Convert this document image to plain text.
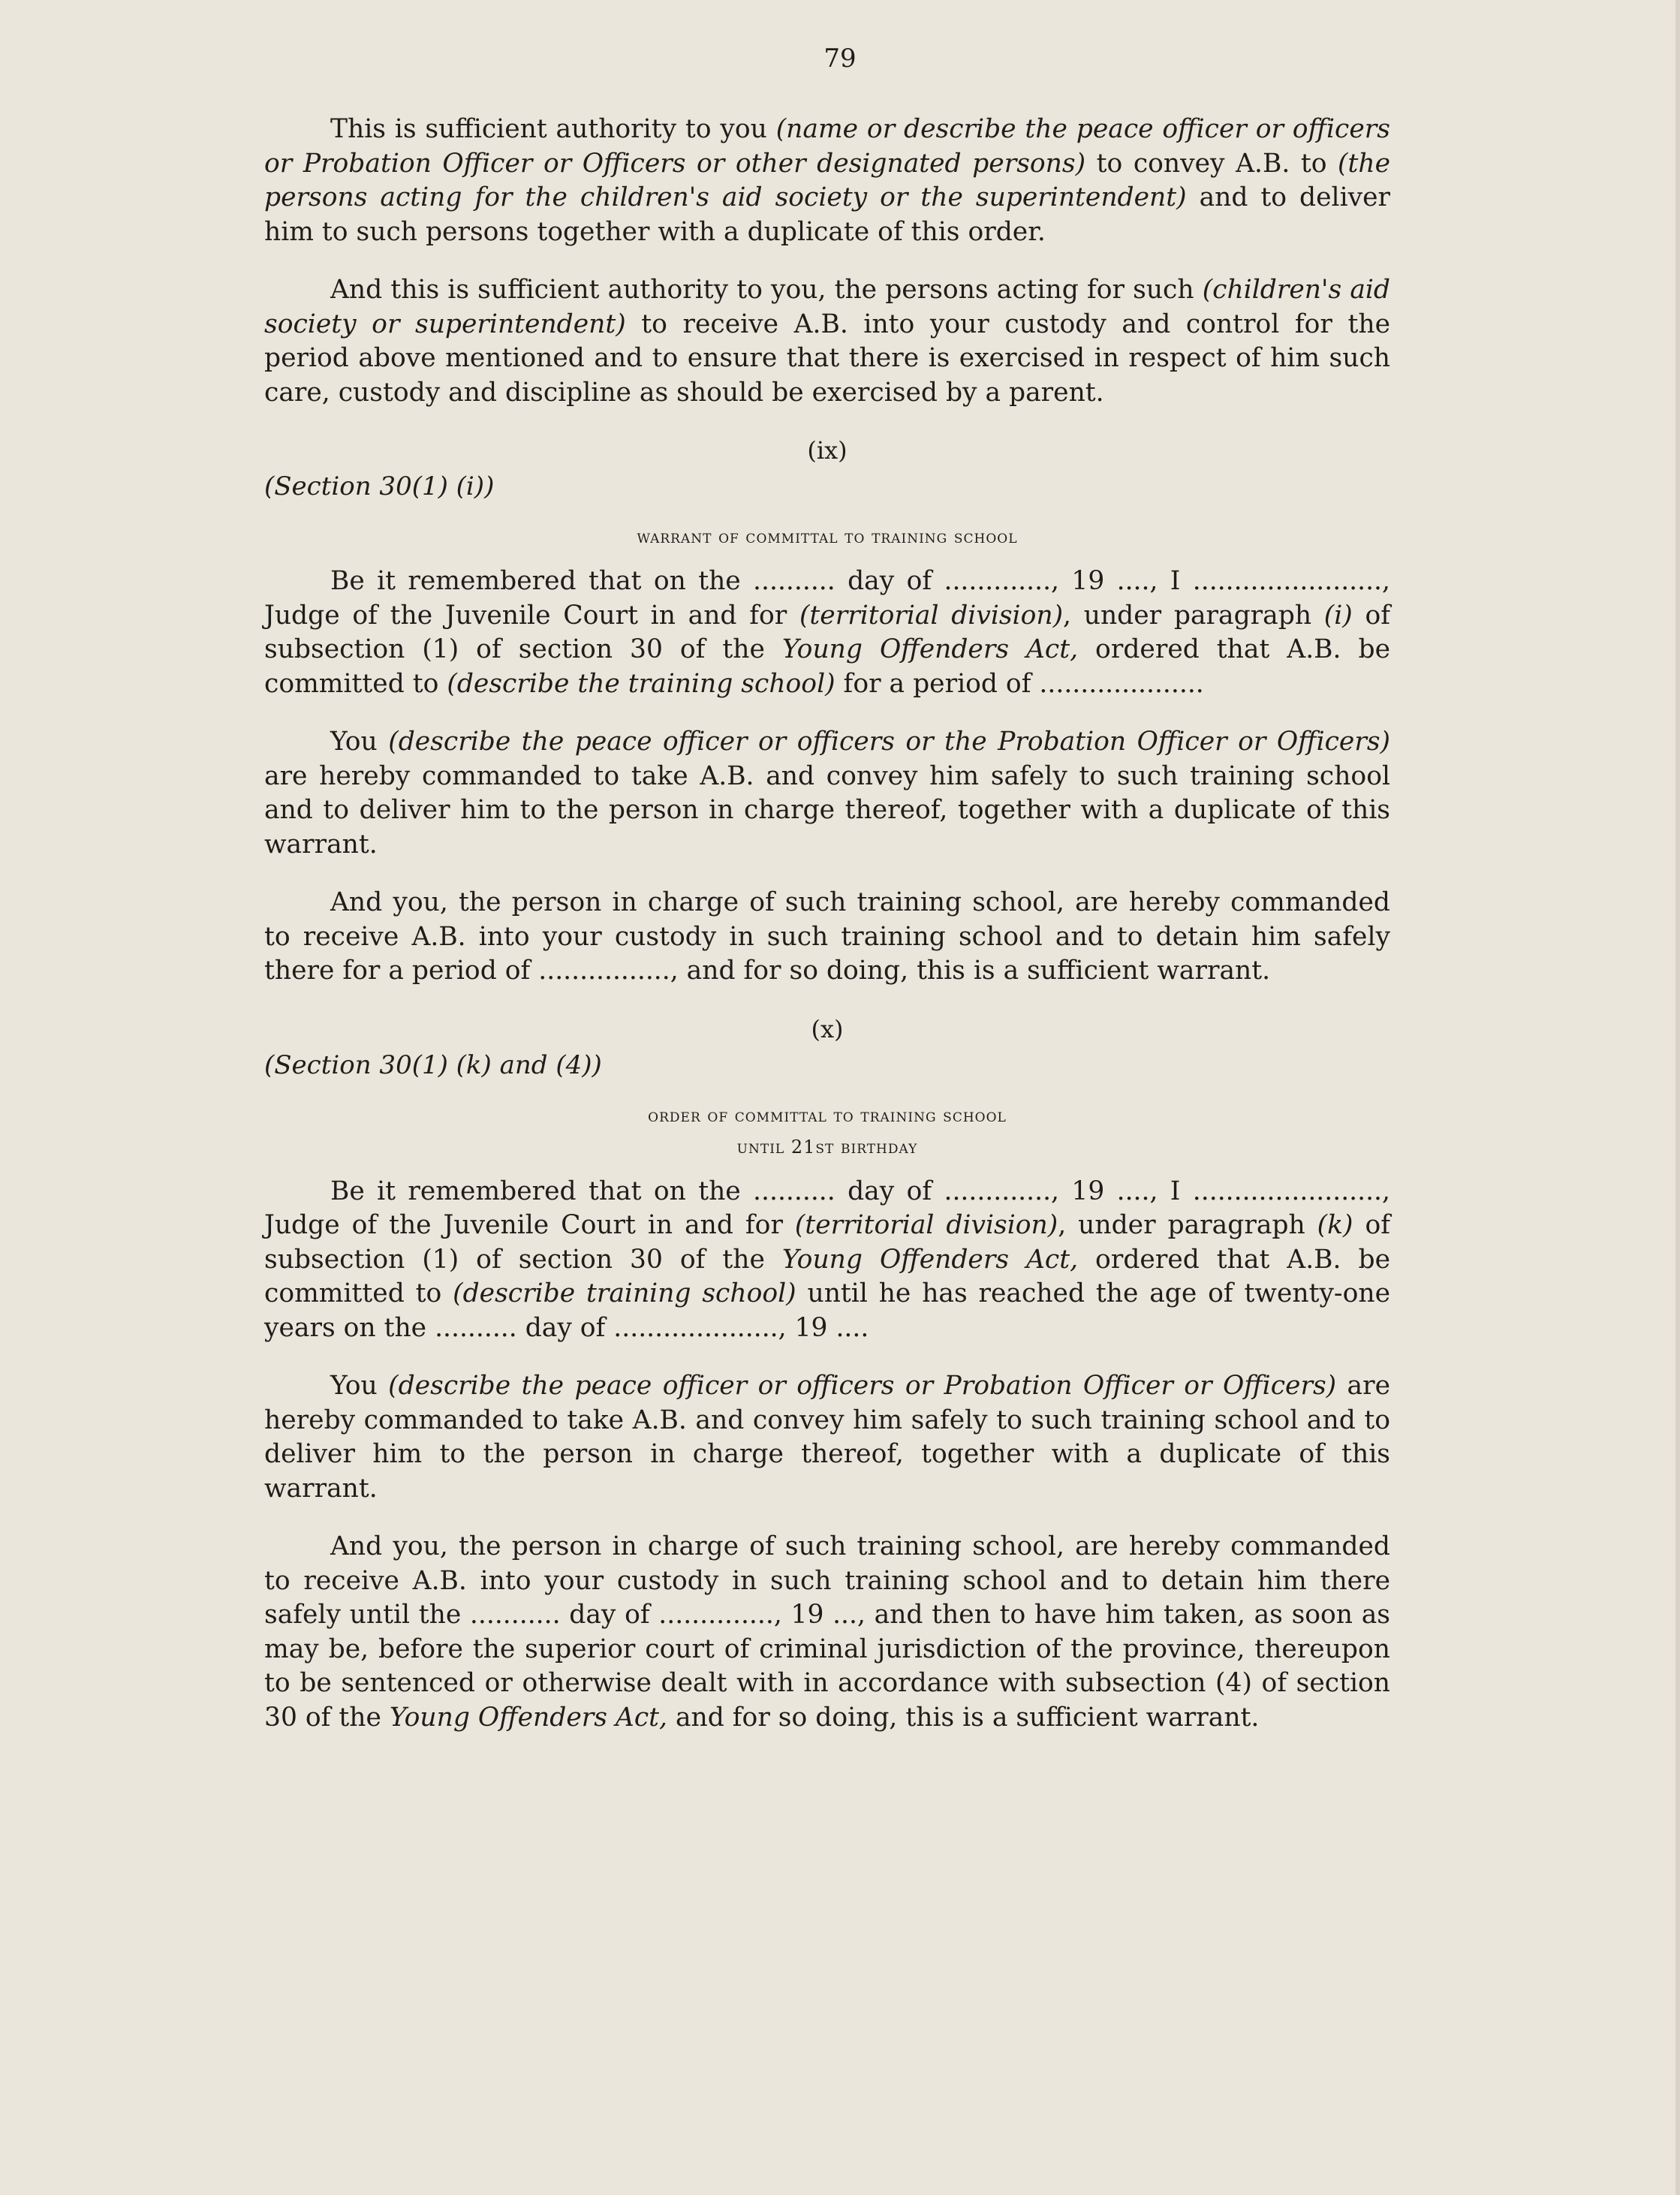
79

This is sufficient authority to you (name or describe the peace officer or officers or Probation Officer or Officers or other designated persons) to convey A.B. to (the persons acting for the children's aid society or the superintendent) and to deliver him to such persons together with a duplicate of this order.

And this is sufficient authority to you, the persons acting for such (children's aid society or superintendent) to receive A.B. into your custody and control for the period above mentioned and to ensure that there is exercised in respect of him such care, custody and discipline as should be exercised by a parent.

(ix)
(Section 30(1) (i))
warrant of committal to training school

Be it remembered that on the .......... day of ............., 19 ...., I ......................., Judge of the Juvenile Court in and for (territorial division), under paragraph (i) of subsection (1) of section 30 of the Young Offenders Act, ordered that A.B. be committed to (describe the training school) for a period of ....................

You (describe the peace officer or officers or the Probation Officer or Officers) are hereby commanded to take A.B. and convey him safely to such training school and to deliver him to the person in charge thereof, together with a duplicate of this warrant.

And you, the person in charge of such training school, are hereby commanded to receive A.B. into your custody in such training school and to detain him safely there for a period of ................, and for so doing, this is a sufficient warrant.

(x)
(Section 30(1) (k) and (4))
order of committal to training school
until 21st birthday

Be it remembered that on the .......... day of ............., 19 ...., I ......................., Judge of the Juvenile Court in and for (territorial division), under paragraph (k) of subsection (1) of section 30 of the Young Offenders Act, ordered that A.B. be committed to (describe training school) until he has reached the age of twenty-one years on the .......... day of ...................., 19 ....

You (describe the peace officer or officers or Probation Officer or Officers) are hereby commanded to take A.B. and convey him safely to such training school and to deliver him to the person in charge thereof, together with a duplicate of this warrant.

And you, the person in charge of such training school, are hereby commanded to receive A.B. into your custody in such training school and to detain him there safely until the ........... day of .............., 19 ..., and then to have him taken, as soon as may be, before the superior court of criminal jurisdiction of the province, thereupon to be sentenced or otherwise dealt with in accordance with subsection (4) of section 30 of the Young Offenders Act, and for so doing, this is a sufficient warrant.
